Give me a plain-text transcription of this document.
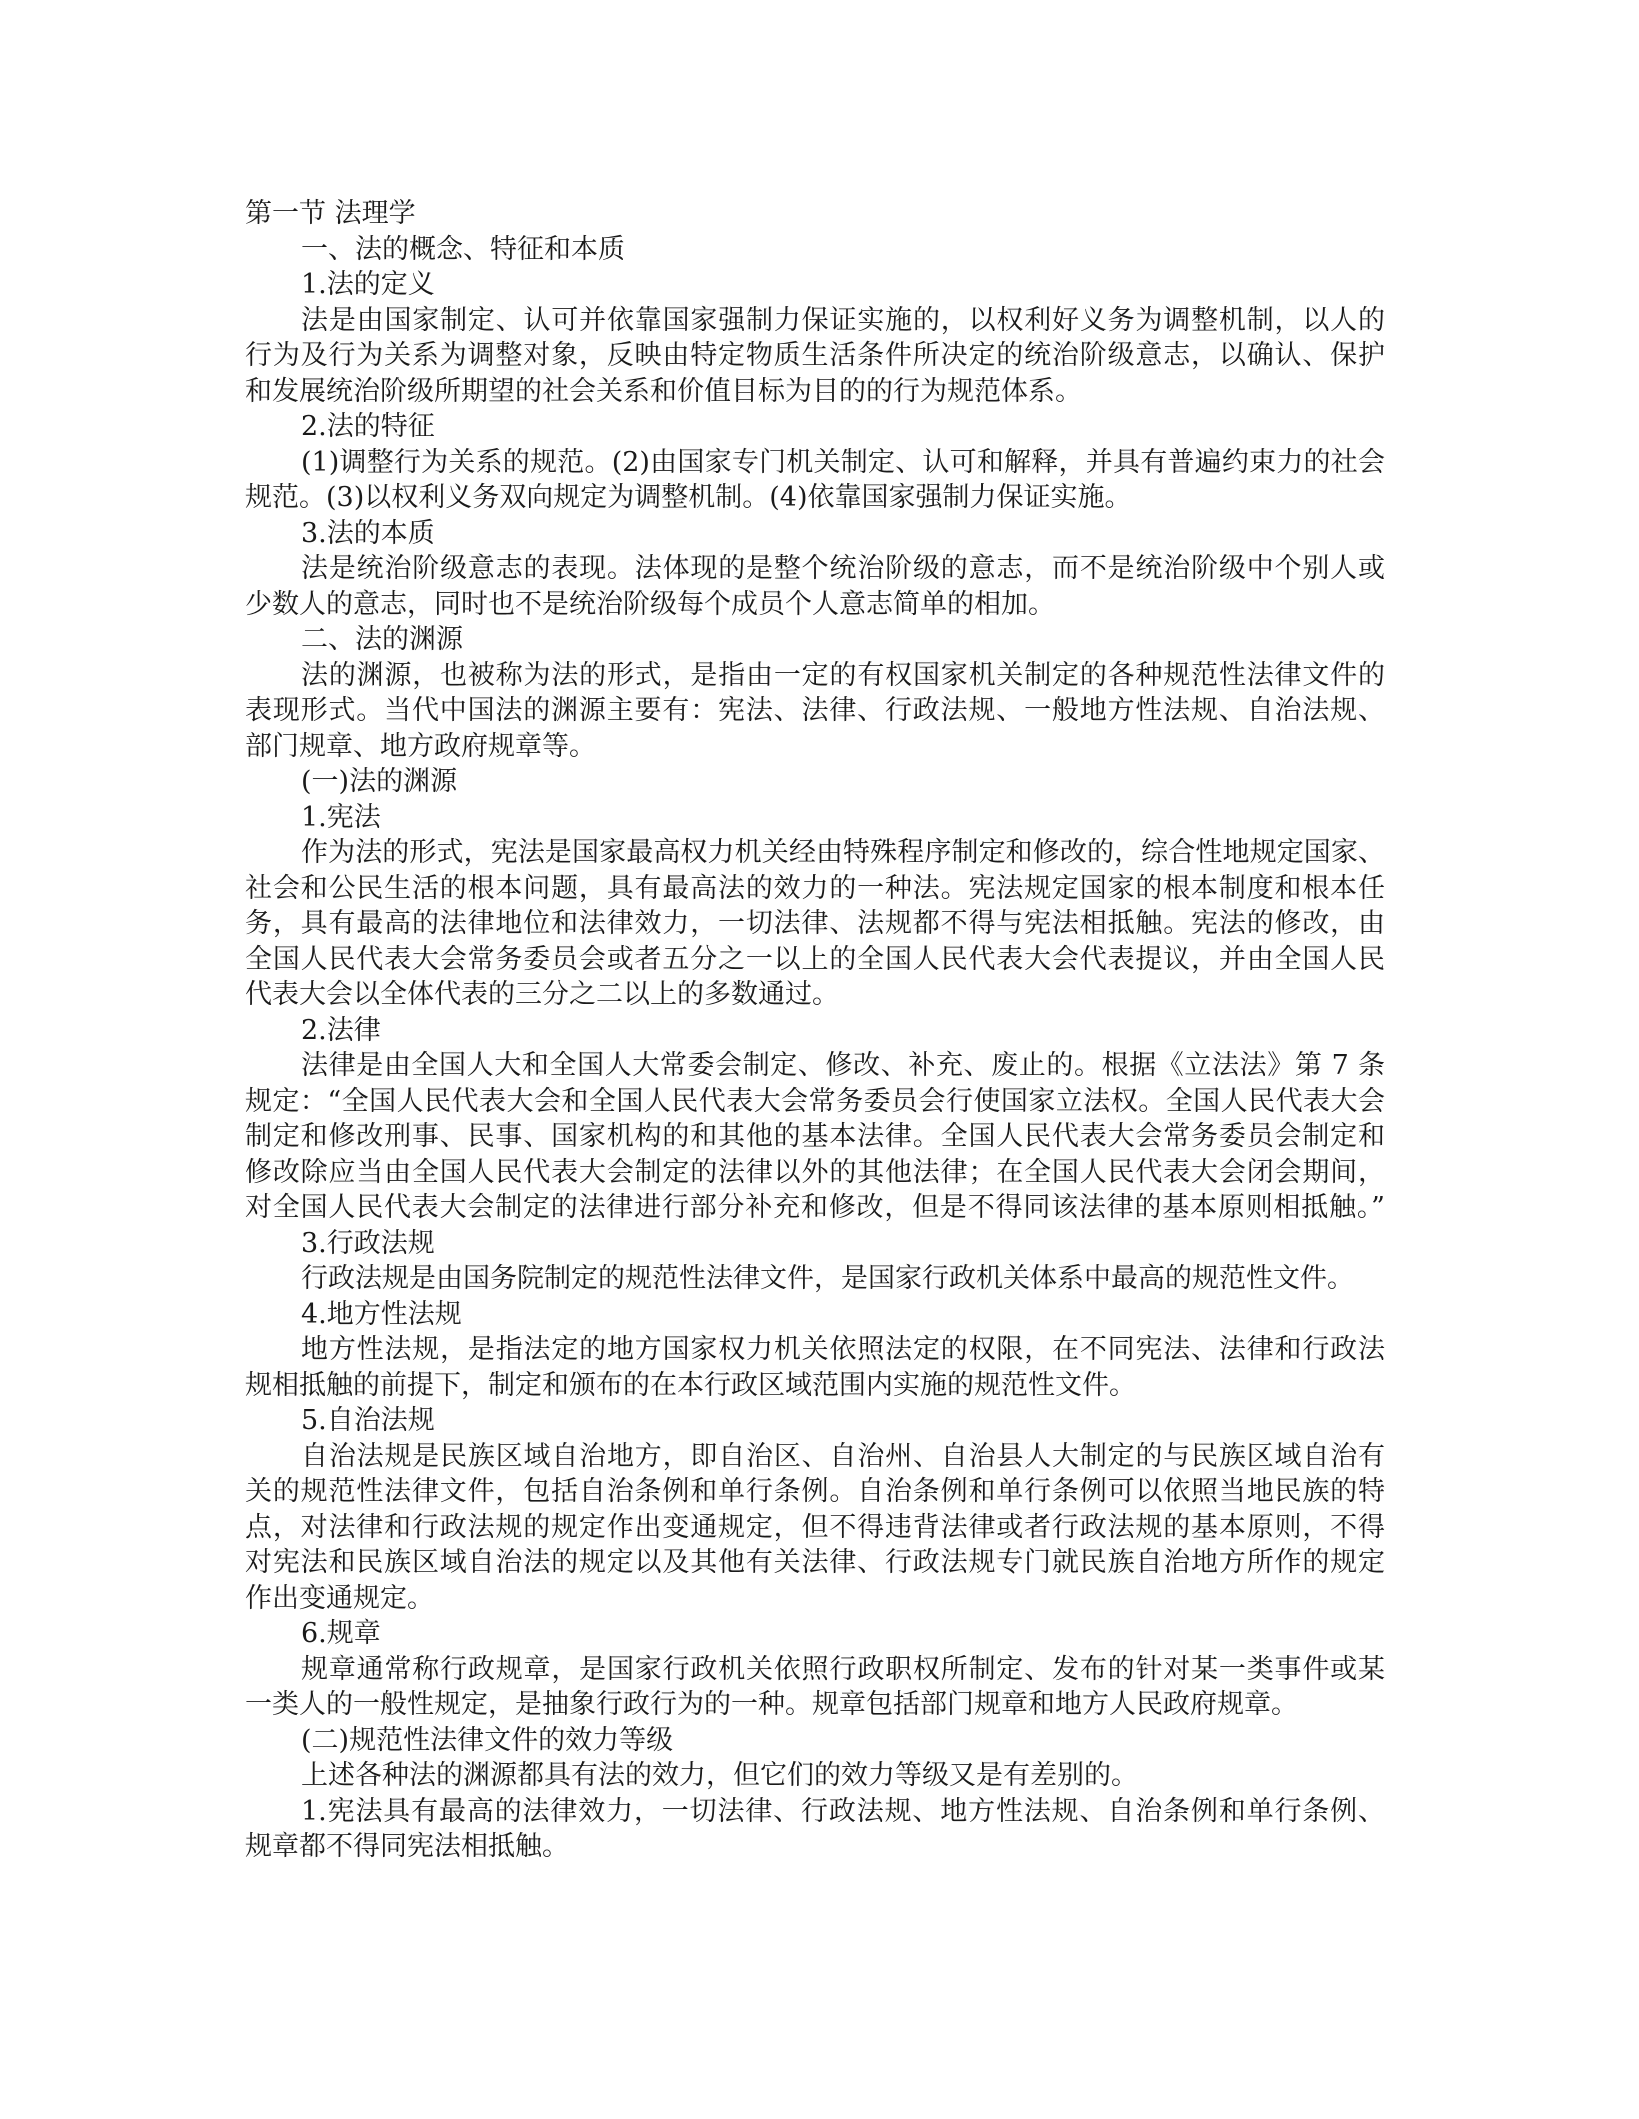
第一节 法理学
一、法的概念、特征和本质
1.法的定义
法是由国家制定、认可并依靠国家强制力保证实施的，以权利好义务为调整机制，以人的
行为及行为关系为调整对象，反映由特定物质生活条件所决定的统治阶级意志，以确认、保护
和发展统治阶级所期望的社会关系和价值目标为目的的行为规范体系。
2.法的特征
(1)调整行为关系的规范。(2)由国家专门机关制定、认可和解释，并具有普遍约束力的社会
规范。(3)以权利义务双向规定为调整机制。(4)依靠国家强制力保证实施。
3.法的本质
法是统治阶级意志的表现。法体现的是整个统治阶级的意志，而不是统治阶级中个别人或
少数人的意志，同时也不是统治阶级每个成员个人意志简单的相加。
二、法的渊源
法的渊源，也被称为法的形式，是指由一定的有权国家机关制定的各种规范性法律文件的
表现形式。当代中国法的渊源主要有：宪法、法律、行政法规、一般地方性法规、自治法规、
部门规章、地方政府规章等。
(一)法的渊源
1.宪法
作为法的形式，宪法是国家最高权力机关经由特殊程序制定和修改的，综合性地规定国家、
社会和公民生活的根本问题，具有最高法的效力的一种法。宪法规定国家的根本制度和根本任
务，具有最高的法律地位和法律效力，一切法律、法规都不得与宪法相抵触。宪法的修改，由
全国人民代表大会常务委员会或者五分之一以上的全国人民代表大会代表提议，并由全国人民
代表大会以全体代表的三分之二以上的多数通过。
2.法律
法律是由全国人大和全国人大常委会制定、修改、补充、废止的。根据《立法法》第 7 条
规定：“全国人民代表大会和全国人民代表大会常务委员会行使国家立法权。全国人民代表大会
制定和修改刑事、民事、国家机构的和其他的基本法律。全国人民代表大会常务委员会制定和
修改除应当由全国人民代表大会制定的法律以外的其他法律；在全国人民代表大会闭会期间，
对全国人民代表大会制定的法律进行部分补充和修改，但是不得同该法律的基本原则相抵触。”
3.行政法规
行政法规是由国务院制定的规范性法律文件，是国家行政机关体系中最高的规范性文件。
4.地方性法规
地方性法规，是指法定的地方国家权力机关依照法定的权限，在不同宪法、法律和行政法
规相抵触的前提下，制定和颁布的在本行政区域范围内实施的规范性文件。
5.自治法规
自治法规是民族区域自治地方，即自治区、自治州、自治县人大制定的与民族区域自治有
关的规范性法律文件，包括自治条例和单行条例。自治条例和单行条例可以依照当地民族的特
点，对法律和行政法规的规定作出变通规定，但不得违背法律或者行政法规的基本原则，不得
对宪法和民族区域自治法的规定以及其他有关法律、行政法规专门就民族自治地方所作的规定
作出变通规定。
6.规章
规章通常称行政规章，是国家行政机关依照行政职权所制定、发布的针对某一类事件或某
一类人的一般性规定，是抽象行政行为的一种。规章包括部门规章和地方人民政府规章。
(二)规范性法律文件的效力等级
上述各种法的渊源都具有法的效力，但它们的效力等级又是有差别的。
1.宪法具有最高的法律效力，一切法律、行政法规、地方性法规、自治条例和单行条例、
规章都不得同宪法相抵触。
